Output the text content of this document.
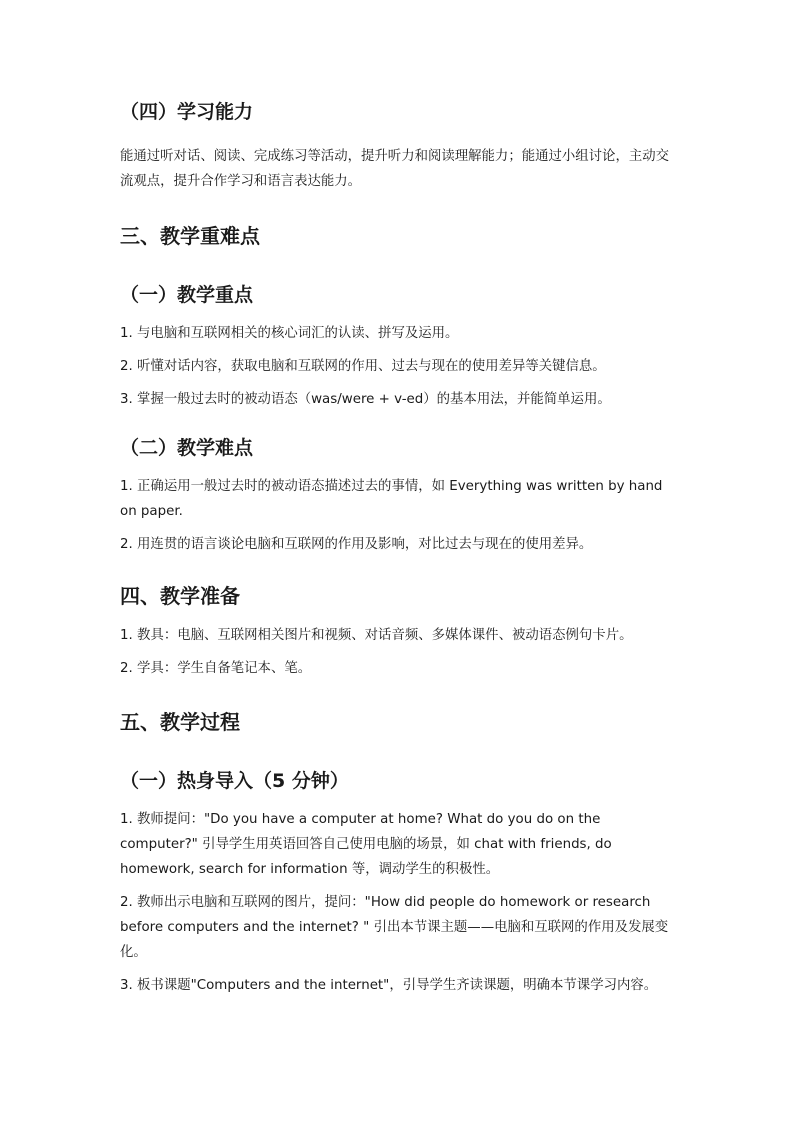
（四）学习能力

能通过听对话、阅读、完成练习等活动，提升听力和阅读理解能力；能通过小组讨论，主动交流观点，提升合作学习和语言表达能力。

三、教学重难点
（一）教学重点

1. 与电脑和互联网相关的核心词汇的认读、拼写及运用。

2. 听懂对话内容，获取电脑和互联网的作用、过去与现在的使用差异等关键信息。

3. 掌握一般过去时的被动语态（was/were + v-ed）的基本用法，并能简单运用。

（二）教学难点

1. 正确运用一般过去时的被动语态描述过去的事情，如 Everything was written by hand on paper.

2. 用连贯的语言谈论电脑和互联网的作用及影响，对比过去与现在的使用差异。

四、教学准备

1. 教具：电脑、互联网相关图片和视频、对话音频、多媒体课件、被动语态例句卡片。

2. 学具：学生自备笔记本、笔。

五、教学过程
（一）热身导入（5 分钟）

1. 教师提问："Do you have a computer at home? What do you do on the computer?" 引导学生用英语回答自己使用电脑的场景，如 chat with friends, do homework, search for information 等，调动学生的积极性。

2. 教师出示电脑和互联网的图片，提问："How did people do homework or research before computers and the internet? " 引出本节课主题——电脑和互联网的作用及发展变化。

3. 板书课题"Computers and the internet"，引导学生齐读课题，明确本节课学习内容。
